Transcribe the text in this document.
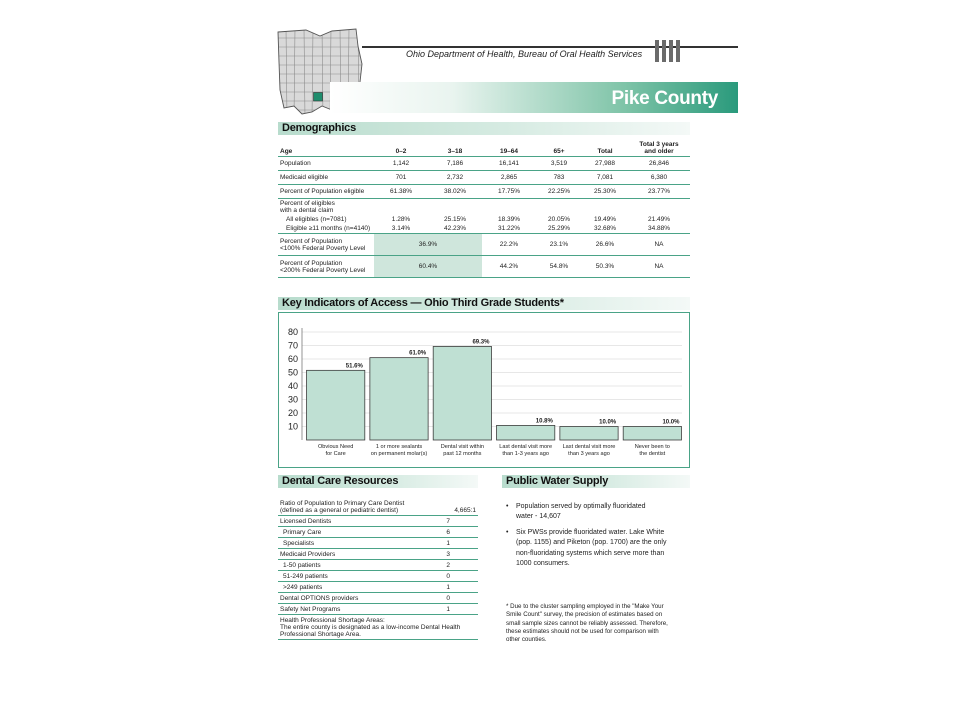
Ohio Department of Health, Bureau of Oral Health Services
Pike County
Demographics
Age	0–2	3–18	19–64	65+	Total	Total 3 years
and older
Population	1,142	7,186	16,141	3,519	27,988	26,846
Medicaid eligible	701	2,732	2,865	783	7,081	6,380
Percent of Population eligible	61.38%	38.02%	17.75%	22.25%	25.30%	23.77%
Percent of eligibles
with a dental claim						
All eligibles (n=7081)	1.28%	25.15%	18.39%	20.05%	19.49%	21.49%
Eligible ≥11 months (n=4140)	3.14%	42.23%	31.22%	25.29%	32.68%	34.88%
Percent of Population
<100% Federal Poverty Level	36.9%		22.2%	23.1%	26.6%	NA
Percent of Population
<200% Federal Poverty Level	60.4%		44.2%	54.8%	50.3%	NA
Key Indicators of Access — Ohio Third Grade Students*
10
20
30
40
50
60
70
80
51.6%
Obvious Need
for Care
61.0%
1 or more sealants
on permanent molar(s)
69.3%
Dental visit within
past 12 months
10.8%
Last dental visit more
than 1-3 years ago
10.0%
Last dental visit more
than 3 years ago
10.0%
Never been to
the dentist
Dental Care Resources
Ratio of Population to Primary Care Dentist
(defined as a general or pediatric dentist)	4,665:1
Licensed Dentists	7
Primary Care	6
Specialists	1
Medicaid Providers	3
1-50 patients	2
51-249 patients	0
>249 patients	1
Dental OPTIONS providers	0
Safety Net Programs	1
Health Professional Shortage Areas:
The entire county is designated as a low-income Dental Health
Professional Shortage Area.	
Public Water Supply
• Population served by optimally fluoridated
water - 14,607
• Six PWSs provide fluoridated water. Lake White
(pop. 1155) and Piketon (pop. 1700) are the only
non-fluoridating systems which serve more than
1000 consumers.
* Due to the cluster sampling employed in the "Make Your
Smile Count" survey, the precision of estimates based on
small sample sizes cannot be reliably assessed. Therefore,
these estimates should not be used for comparison with
other counties.
